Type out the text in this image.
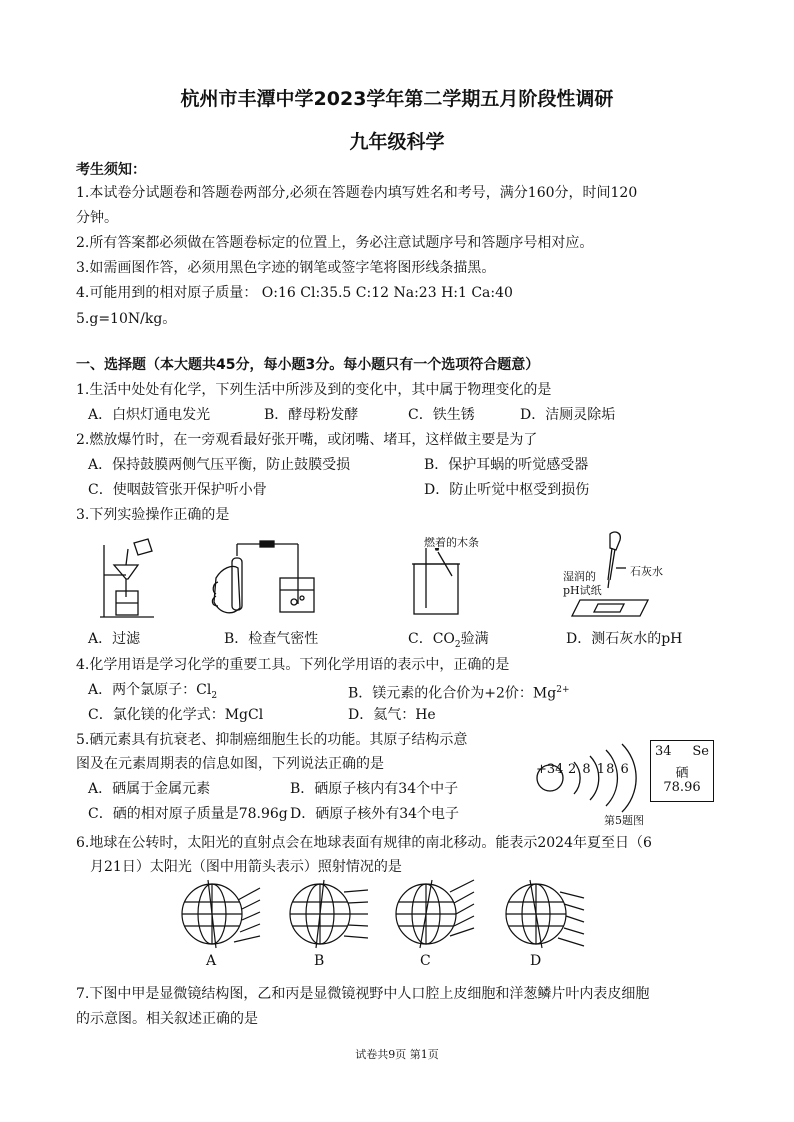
杭州市丰潭中学2023学年第二学期五月阶段性调研
九年级科学
考生须知：
1.本试卷分试题卷和答题卷两部分,必须在答题卷内填写姓名和考号，满分160分，时间120
分钟。
2.所有答案都必须做在答题卷标定的位置上，务必注意试题序号和答题序号相对应。
3.如需画图作答，必须用黑色字迹的钢笔或签字笔将图形线条描黑。
4.可能用到的相对原子质量： O:16 Cl:35.5 C:12 Na:23 H:1 Ca:40
5.g=10N/kg。
一、选择题（本大题共45分，每小题3分。每小题只有一个选项符合题意）
1.生活中处处有化学，下列生活中所涉及到的变化中，其中属于物理变化的是
A．白炽灯通电发光	B．酵母粉发酵	C．铁生锈	D．洁厕灵除垢
2.燃放爆竹时，在一旁观看最好张开嘴，或闭嘴、堵耳，这样做主要是为了
A．保持鼓膜两侧气压平衡，防止鼓膜受损	B．保护耳蜗的听觉感受器
C．使咽鼓管张开保护听小骨	D．防止听觉中枢受到损伤
3.下列实验操作正确的是
燃着的木条
石灰水
湿润的
pH试纸
A．过滤	B．检查气密性	C．$CO_2$验满	D．测石灰水的pH
4.化学用语是学习化学的重要工具。下列化学用语的表示中，正确的是
A．两个氯原子：$Cl_2$	B．镁元素的化合价为+2价：$Mg^{2+}$
C．氯化镁的化学式：MgCl	D．氦气：He
5.硒元素具有抗衰老、抑制癌细胞生长的功能。其原子结构示意
图及在元素周期表的信息如图，下列说法正确的是
A．硒属于金属元素	B．硒原子核内有34个中子
C．硒的相对原子质量是78.96g D．硒原子核外有34个电子
+34 2 8 18 6
34 Se
硒
78.96
第5题图
6.地球在公转时，太阳光的直射点会在地球表面有规律的南北移动。能表示2024年夏至日（6
月21日）太阳光（图中用箭头表示）照射情况的是
A	B	C	D
7.下图中甲是显微镜结构图，乙和丙是显微镜视野中人口腔上皮细胞和洋葱鳞片叶内表皮细胞
的示意图。相关叙述正确的是
试卷共9页 第1页
